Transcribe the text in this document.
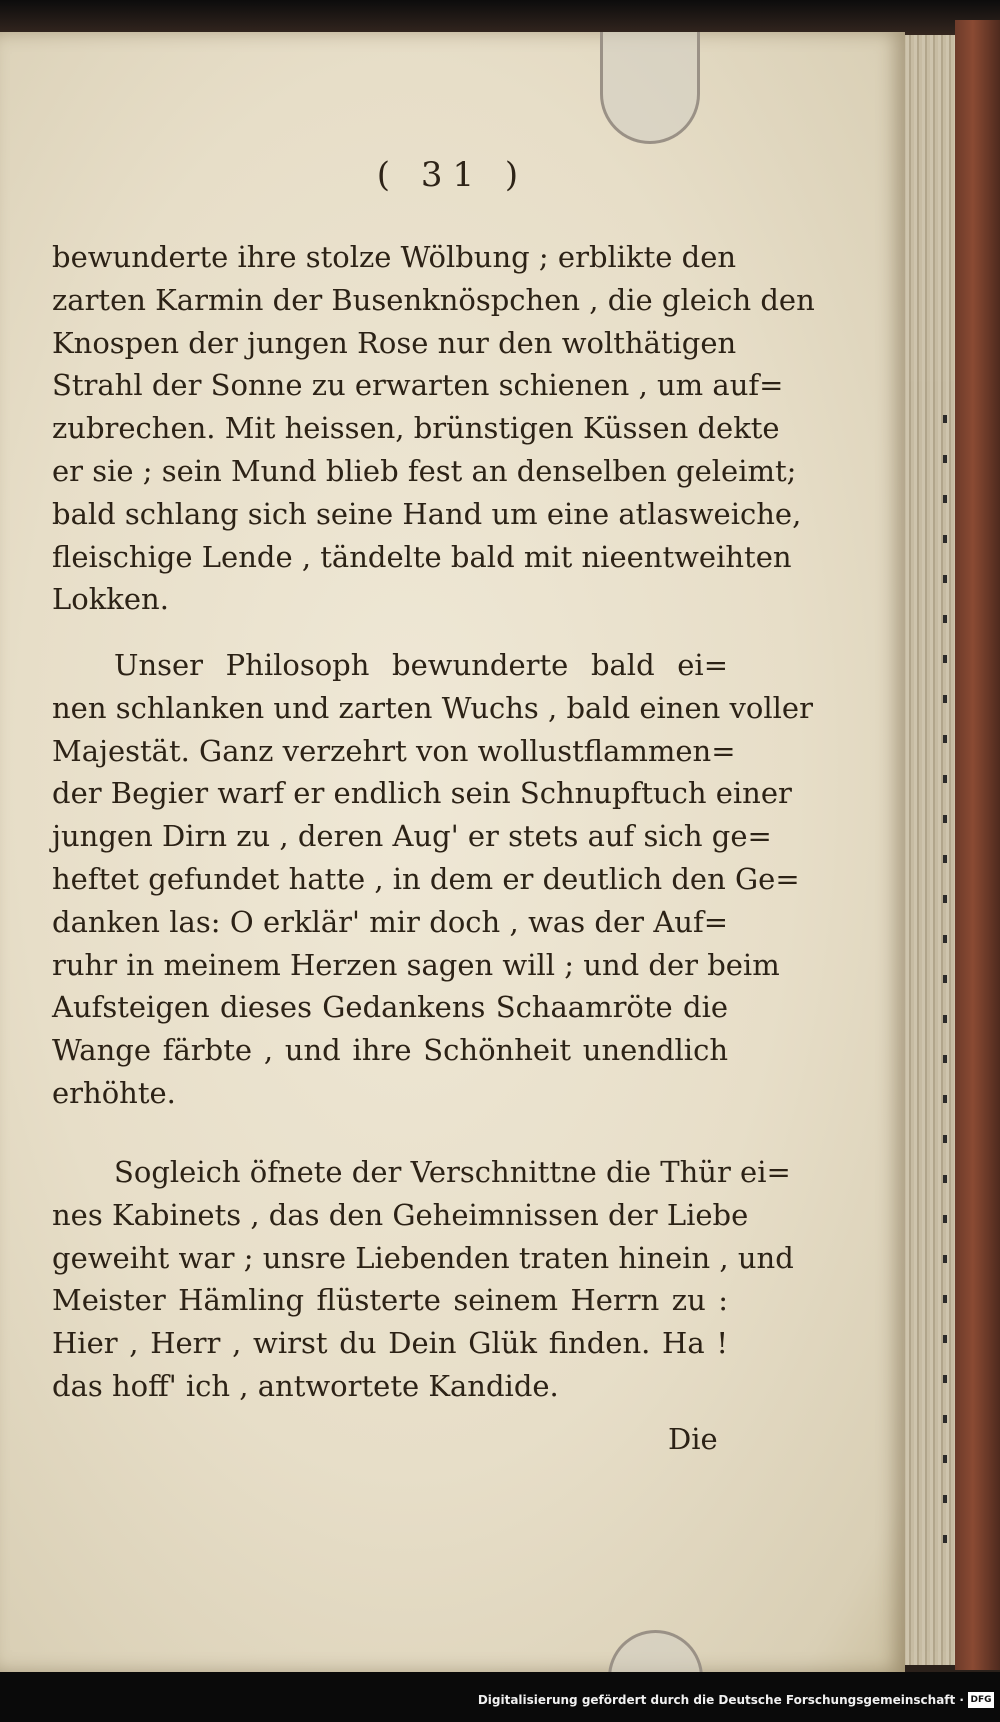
( 31 )
bewunderte ihre stolze Wölbung ; erblikte den
zarten Karmin der Busenknöspchen , die gleich den
Knospen der jungen Rose nur den wolthätigen
Strahl der Sonne zu erwarten schienen , um auf=
zubrechen. Mit heissen, brünstigen Küssen dekte
er sie ; sein Mund blieb fest an denselben geleimt;
bald schlang sich seine Hand um eine atlasweiche,
fleischige Lende , tändelte bald mit nieentweihten
Lokken.
Unser Philosoph bewunderte bald ei=
nen schlanken und zarten Wuchs , bald einen voller
Majestät. Ganz verzehrt von wollustflammen=
der Begier warf er endlich sein Schnupftuch einer
jungen Dirn zu , deren Aug' er stets auf sich ge=
heftet gefundet hatte , in dem er deutlich den Ge=
danken las: O erklär' mir doch , was der Auf=
ruhr in meinem Herzen sagen will ; und der beim
Aufsteigen dieses Gedankens Schaamröte die
Wange färbte , und ihre Schönheit unendlich
erhöhte.
Sogleich öfnete der Verschnittne die Thür ei=
nes Kabinets , das den Geheimnissen der Liebe
geweiht war ; unsre Liebenden traten hinein , und
Meister Hämling flüsterte seinem Herrn zu :
Hier , Herr , wirst du Dein Glük finden. Ha !
das hoff' ich , antwortete Kandide.
Die
Digitalisierung gefördert durch die Deutsche Forschungsgemeinschaft · DFG
